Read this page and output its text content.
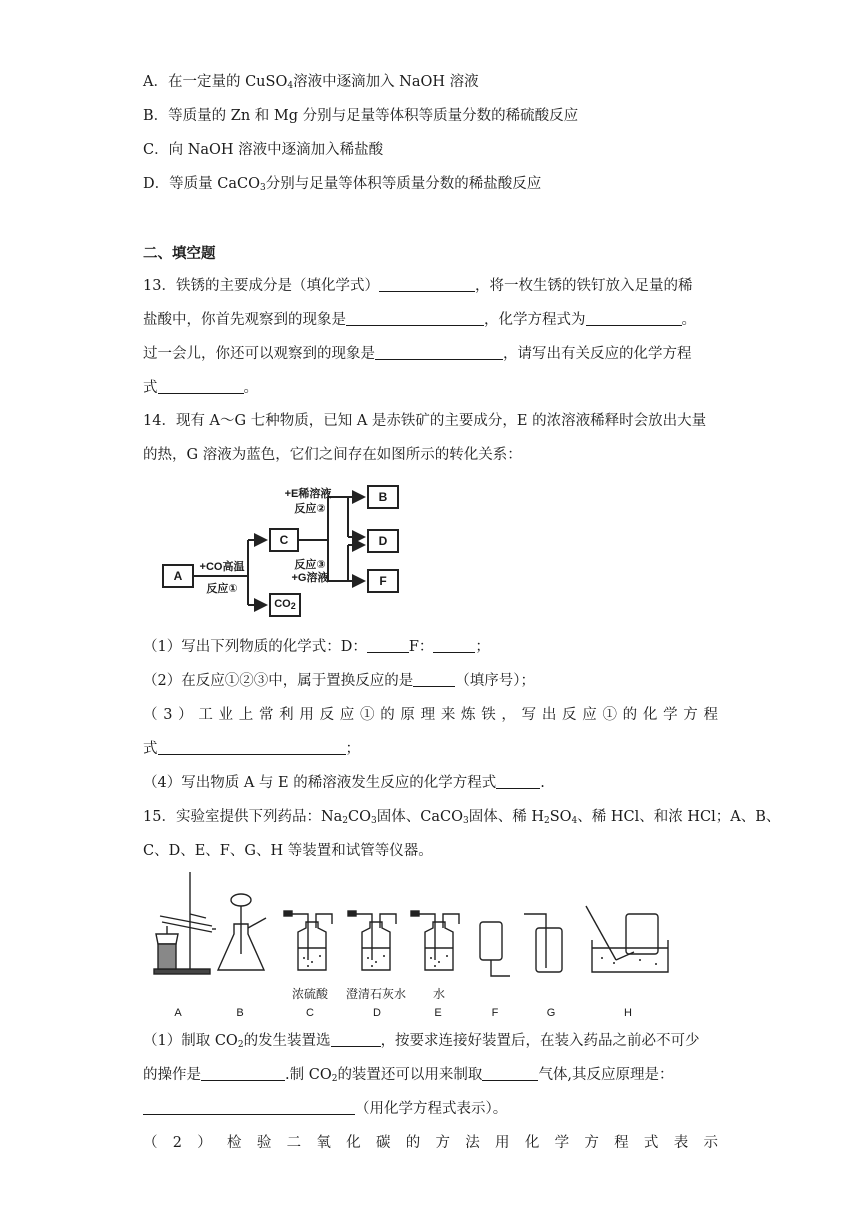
A．在一定量的 CuSO$_4$溶液中逐滴加入 NaOH 溶液
B．等质量的 Zn 和 Mg 分别与足量等体积等质量分数的稀硫酸反应
C．向 NaOH 溶液中逐滴加入稀盐酸
D．等质量 CaCO$_3$分别与足量等体积等质量分数的稀盐酸反应
二、填空题
13．铁锈的主要成分是（填化学式）	，将一枚生锈的铁钉放入足量的稀
盐酸中，你首先观察到的现象是	，化学方程式为	。
过一会儿，你还可以观察到的现象是	，请写出有关反应的化学方程
式	。
14．现有 A～G 七种物质，已知 A 是赤铁矿的主要成分，E 的浓溶液稀释时会放出大量
的热，G 溶液为蓝色，它们之间存在如图所示的转化关系：
A
C
$CO_2$
B
D
F
+CO高温
反应①
+E稀溶液
反应②
反应③
+G溶液
（1）写出下列物质的化学式：D：	F：	；
（2）在反应①②③中，属于置换反应的是	（填序号）；
（3）工业上常利用反应①的原理来炼铁，写出反应①的化学方程
式	；
（4）写出物质 A 与 E 的稀溶液发生反应的化学方程式	.
15．实验室提供下列药品：$Na_2CO_3$固体、CaCO$_3$固体、稀 $H_2SO_4$、稀 HCl、和浓 HCl；A、B、
C、D、E、F、G、H 等装置和试管等仪器。
浓硫酸	澄清石灰水	水
A	B	C	D	E	F	G	H
（1）制取 $CO_2$的发生装置选	，按要求连接好装置后，在装入药品之前必不可少
的操作是	.制 $CO_2$的装置还可以用来制取	气体,其反应原理是：
（用化学方程式表示）。
（2）检验二氧化碳的方法用化学方程式表示
